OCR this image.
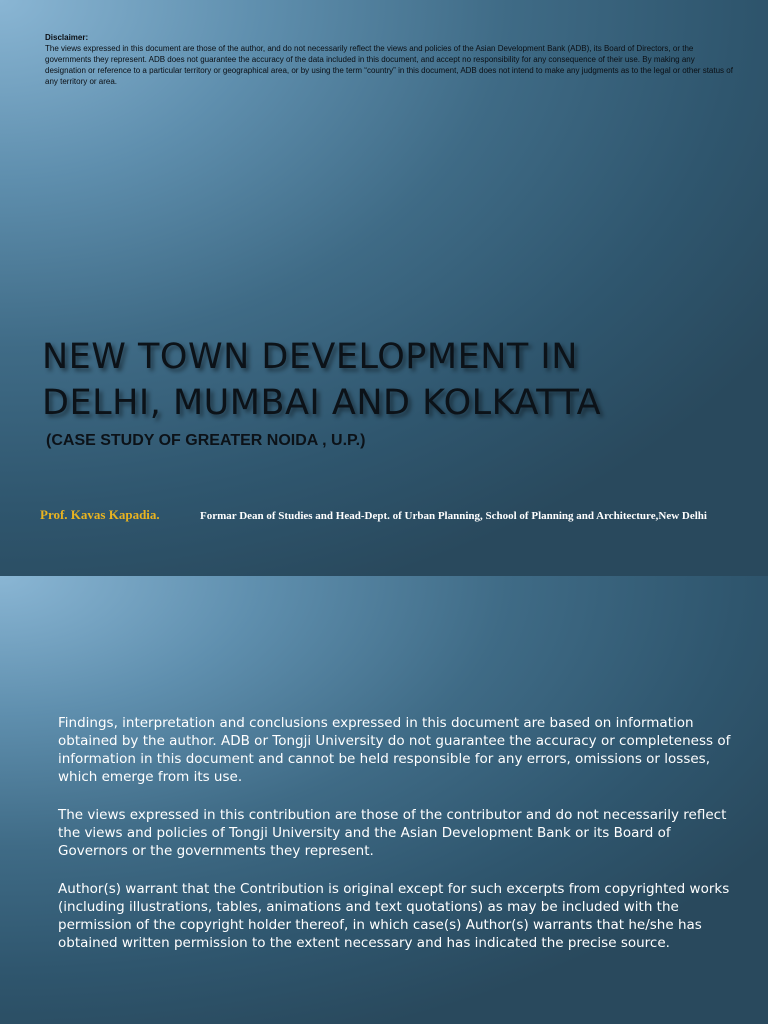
Disclaimer:
The views expressed in this document are those of the author, and do not necessarily reflect the views and policies of the Asian Development Bank (ADB), its Board of Directors, or the governments they represent. ADB does not guarantee the accuracy of the data included in this document, and accept no responsibility for any consequence of their use. By making any designation or reference to a particular territory or geographical area, or by using the term “country” in this document, ADB does not intend to make any judgments as to the legal or other status of any territory or area.
NEW TOWN DEVELOPMENT IN
DELHI, MUMBAI AND KOLKATTA
(CASE STUDY OF GREATER NOIDA , U.P.)
Prof. Kavas Kapadia.	Formar Dean of Studies and Head-Dept. of Urban Planning, School of Planning and Architecture,New Delhi

Findings, interpretation and conclusions expressed in this document are based on information obtained by the author. ADB or Tongji University do not guarantee the accuracy or completeness of information in this document and cannot be held responsible for any errors, omissions or losses, which emerge from its use.

The views expressed in this contribution are those of the contributor and do not necessarily reflect the views and policies of Tongji University and the Asian Development Bank or its Board of Governors or the governments they represent.

Author(s) warrant that the Contribution is original except for such excerpts from copyrighted works (including illustrations, tables, animations and text quotations) as may be included with the permission of the copyright holder thereof, in which case(s) Author(s) warrants that he/she has obtained written permission to the extent necessary and has indicated the precise source.
